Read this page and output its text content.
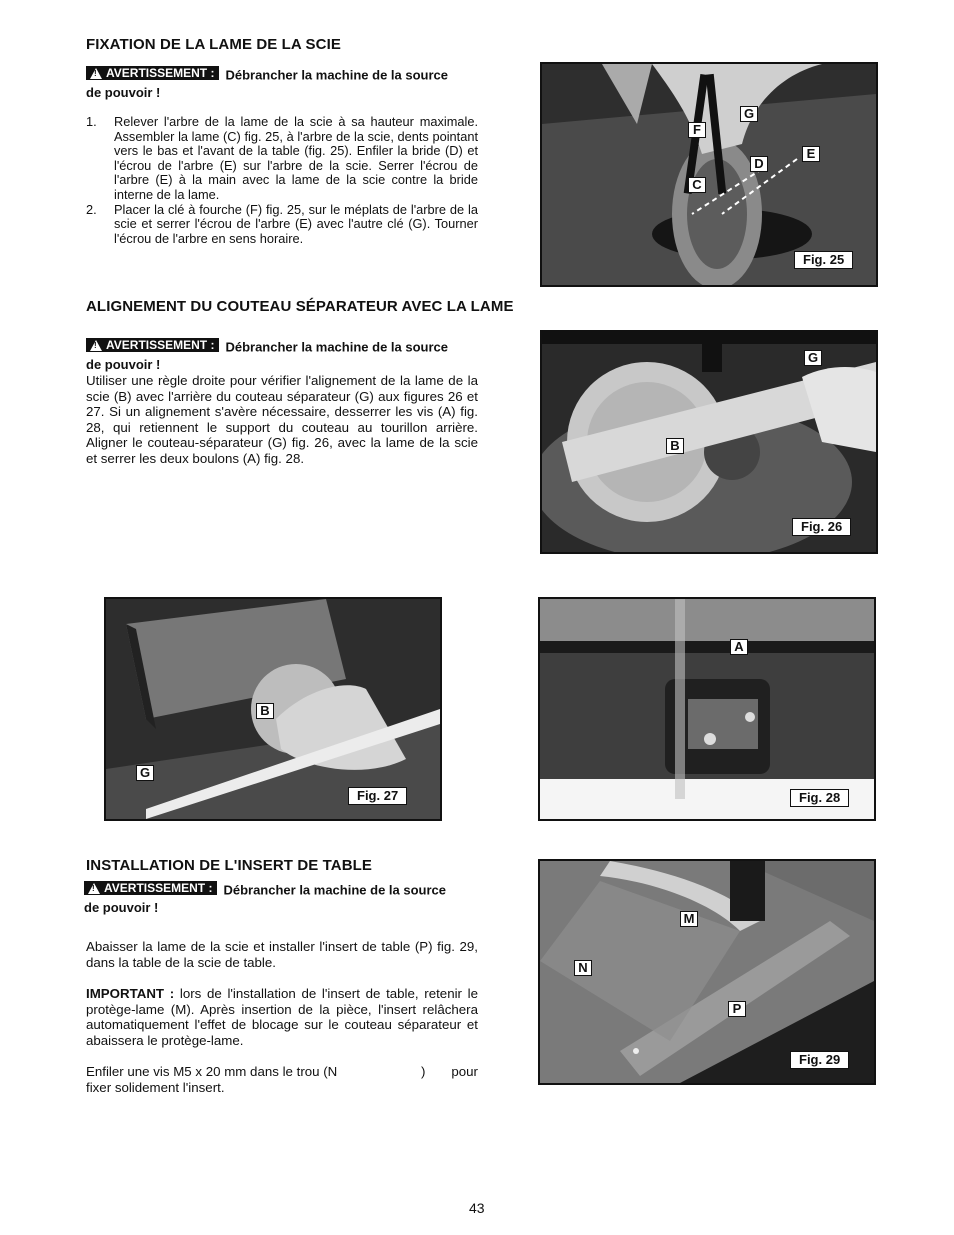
FIXATION DE LA LAME DE LA SCIE
!
AVERTISSEMENT : Débrancher la machine de la source
de pouvoir !
1. Relever l'arbre de la lame de la scie à sa hauteur maximale. Assembler la lame (C) fig. 25, à l'arbre de la scie, dents pointant vers le bas et l'avant de la table (fig. 25). Enfiler la bride (D) et l'écrou de l'arbre (E) sur l'arbre de la scie. Serrer l'écrou de l'arbre (E) à la main avec la lame de la scie contre la bride interne de la lame.
2. Placer la clé à fourche (F) fig. 25, sur le méplats de l'arbre de la scie et serrer l'écrou de l'arbre (E) avec l'autre clé (G). Tourner l'écrou de l'arbre en sens horaire.
F
G
D
E
C
Fig. 25
ALIGNEMENT DU COUTEAU SÉPARATEUR AVEC LA LAME
!
AVERTISSEMENT : Débrancher la machine de la source
de pouvoir !

Utiliser une règle droite pour vérifier l'alignement de la lame de la scie (B) avec l'arrière du couteau séparateur (G) aux figures 26 et 27. Si un alignement s'avère nécessaire, desserrer les vis (A) fig. 28, qui retiennent le support du couteau au tourillon arrière. Aligner le couteau-séparateur (G) fig. 26, avec la lame de la scie et serrer les deux boulons (A) fig. 28.

G
B
Fig. 26
B
G
Fig. 27
A
Fig. 28
INSTALLATION DE L'INSERT DE TABLE
!
AVERTISSEMENT : Débrancher la machine de la source
de pouvoir !

Abaisser la lame de la scie et installer l'insert de table (P) fig. 29, dans la table de la scie de table.

IMPORTANT : lors de l'installation de l'insert de table, retenir le protège-lame (M). Après insertion de la pièce, l'insert relâchera automatiquement l'effet de blocage sur le couteau séparateur et abaissera le protège-lame.

Enfiler une vis M5 x 20 mm dans le trou (N	) pour

fixer solidement l'insert.

M
N
P
Fig. 29
43
